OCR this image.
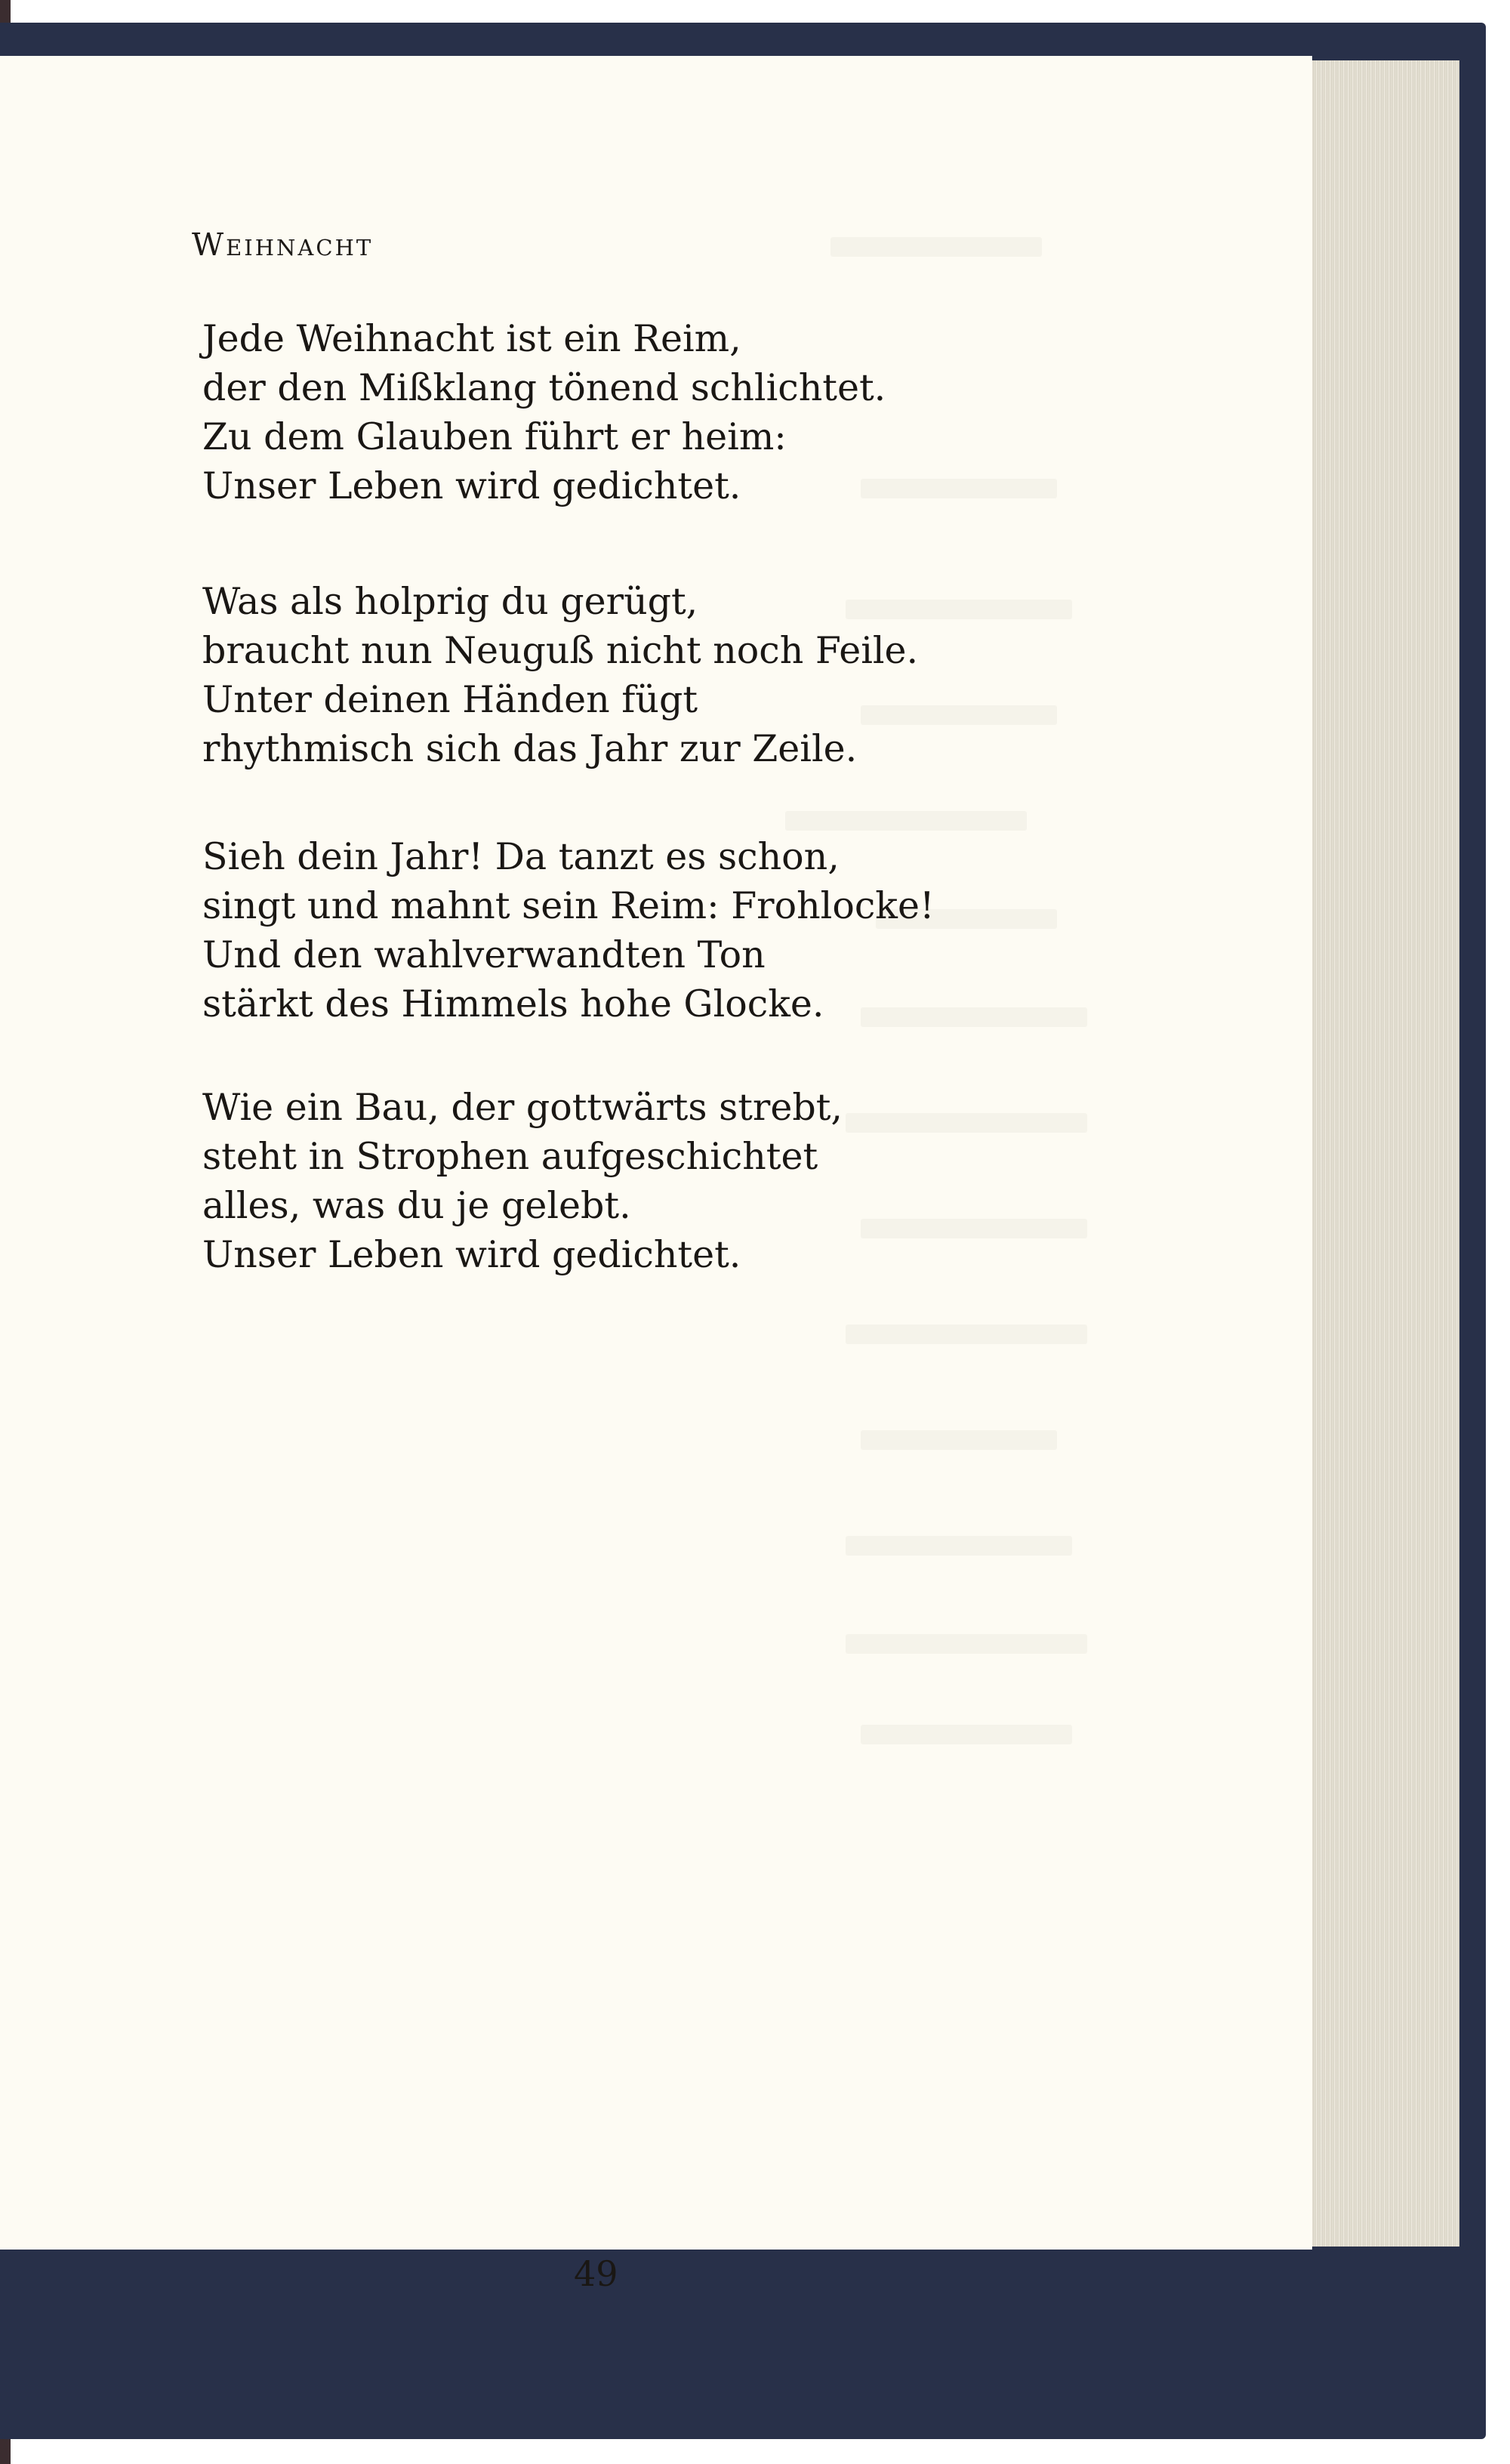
Weihnacht
Jede Weihnacht ist ein Reim,
der den Mißklang tönend schlichtet.
Zu dem Glauben führt er heim:
Unser Leben wird gedichtet.
Was als holprig du gerügt,
braucht nun Neuguß nicht noch Feile.
Unter deinen Händen fügt
rhythmisch sich das Jahr zur Zeile.
Sieh dein Jahr! Da tanzt es schon,
singt und mahnt sein Reim: Frohlocke!
Und den wahlverwandten Ton
stärkt des Himmels hohe Glocke.
Wie ein Bau, der gottwärts strebt,
steht in Strophen aufgeschichtet
alles, was du je gelebt.
Unser Leben wird gedichtet.
49
